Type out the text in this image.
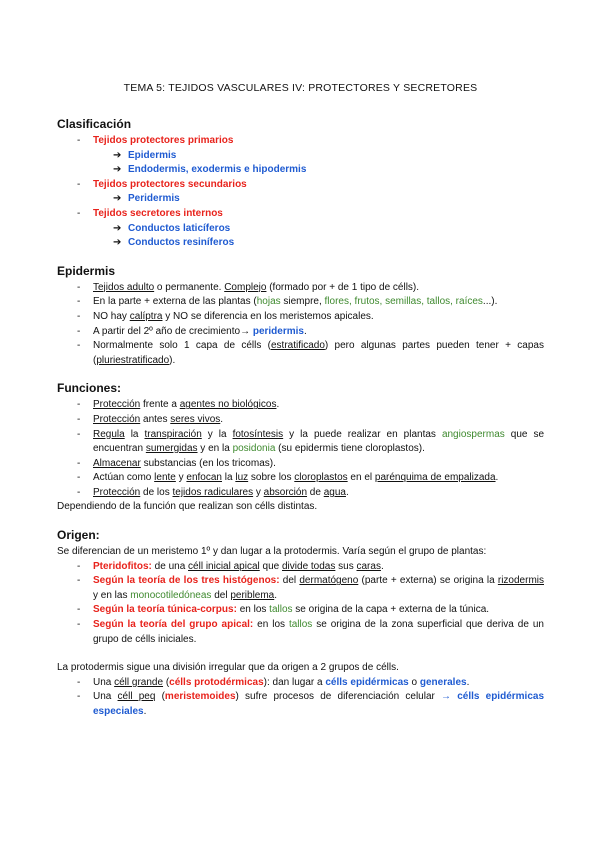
TEMA 5: TEJIDOS VASCULARES IV: PROTECTORES Y SECRETORES
Clasificación
- Tejidos protectores primarios
➔ Epidermis
➔ Endodermis, exodermis e hipodermis
- Tejidos protectores secundarios
➔ Peridermis
- Tejidos secretores internos
➔ Conductos laticíferos
➔ Conductos resiníferos
Epidermis
- Tejidos adulto o permanente. Complejo (formado por + de 1 tipo de célls).
- En la parte + externa de las plantas (hojas siempre, flores, frutos, semillas, tallos, raíces...).
- NO hay calíptra y NO se diferencia en los meristemos apicales.
- A partir del 2º año de crecimiento→ peridermis.
- Normalmente solo 1 capa de célls (estratificado) pero algunas partes pueden tener + capas (pluriestratificado).
Funciones:
- Protección frente a agentes no biológicos.
- Protección antes seres vivos.
- Regula la transpiración y la fotosíntesis y la puede realizar en plantas angiospermas que se encuentran sumergidas y en la posidonia (su epidermis tiene cloroplastos).
- Almacenar substancias (en los tricomas).
- Actúan como lente y enfocan la luz sobre los cloroplastos en el parénquima de empalizada.
- Protección de los tejidos radiculares y absorción de agua.

Dependiendo de la función que realizan son célls distintas.

Origen:

Se diferencian de un meristemo 1º y dan lugar a la protodermis. Varía según el grupo de plantas:

- Pteridofitos: de una céll inicial apical que divide todas sus caras.
- Según la teoría de los tres histógenos: del dermatógeno (parte + externa) se origina la rizodermis y en las monocotiledóneas del periblema.
- Según la teoría túnica-corpus: en los tallos se origina de la capa + externa de la túnica.
- Según la teoría del grupo apical: en los tallos se origina de la zona superficial que deriva de un grupo de célls iniciales.

La protodermis sigue una división irregular que da origen a 2 grupos de célls.

- Una céll grande (célls protodérmicas): dan lugar a célls epidérmicas o generales.
- Una céll peq (meristemoides) sufre procesos de diferenciación celular → célls epidérmicas especiales.
